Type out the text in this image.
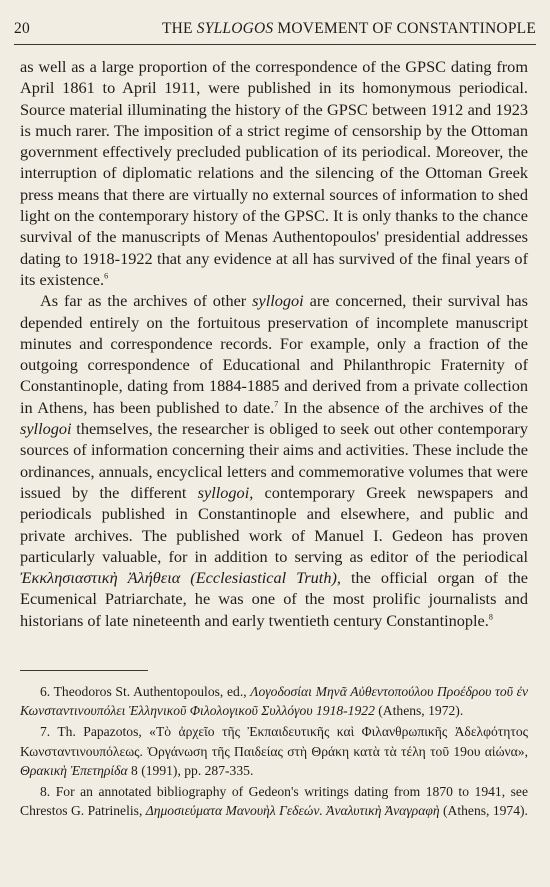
20	THE SYLLOGOS MOVEMENT OF CONSTANTINOPLE

as well as a large proportion of the correspondence of the GPSC dating from April 1861 to April 1911, were published in its homonymous periodical. Source material illuminating the history of the GPSC between 1912 and 1923 is much rarer. The imposition of a strict regime of censorship by the Ottoman government effectively precluded publication of its periodical. Moreover, the interruption of diplomatic relations and the silencing of the Ottoman Greek press means that there are virtually no external sources of information to shed light on the contemporary history of the GPSC. It is only thanks to the chance survival of the manuscripts of Menas Authentopoulos' presidential addresses dating to 1918-1922 that any evidence at all has survived of the final years of its existence.$^6$

As far as the archives of other syllogoi are concerned, their survival has depended entirely on the fortuitous preservation of incomplete manuscript minutes and correspondence records. For example, only a fraction of the outgoing correspondence of Educational and Philanthropic Fraternity of Constantinople, dating from 1884-1885 and derived from a private collection in Athens, has been published to date.$^7$ In the absence of the archives of the syllogoi themselves, the researcher is obliged to seek out other contemporary sources of information concerning their aims and activities. These include the ordinances, annuals, encyclical letters and commemorative volumes that were issued by the different syllogoi, contemporary Greek newspapers and periodicals published in Constantinople and elsewhere, and public and private archives. The published work of Manuel I. Gedeon has proven particularly valuable, for in addition to serving as editor of the periodical Ἐκκλησιαστικὴ Ἀλήθεια (Ecclesiastical Truth), the official organ of the Ecumenical Patriarchate, he was one of the most prolific journalists and historians of late nineteenth and early twentieth century Constantinople.$^8$

6. Theodoros St. Authentopoulos, ed., Λογοδοσίαι Μηνᾶ Αὐθεντοπούλου Προέδρου τοῦ ἐν Κωνσταντινουπόλει Ἑλληνικοῦ Φιλολογικοῦ Συλλόγου 1918-1922 (Athens, 1972).

7. Th. Papazotos, «Τὸ ἀρχεῖο τῆς Ἐκπαιδευτικῆς καὶ Φιλανθρωπικῆς Ἀδελφότητος Κωνσταντινουπόλεως. Ὀργάνωση τῆς Παιδείας στὴ Θράκη κατὰ τὰ τέλη τοῦ 19ου αἰώνα», Θρακικὴ Ἐπετηρίδα 8 (1991), pp. 287-335.

8. For an annotated bibliography of Gedeon's writings dating from 1870 to 1941, see Chrestos G. Patrinelis, Δημοσιεύματα Μανουὴλ Γεδεών. Ἀναλυτικὴ Ἀναγραφὴ (Athens, 1974).
